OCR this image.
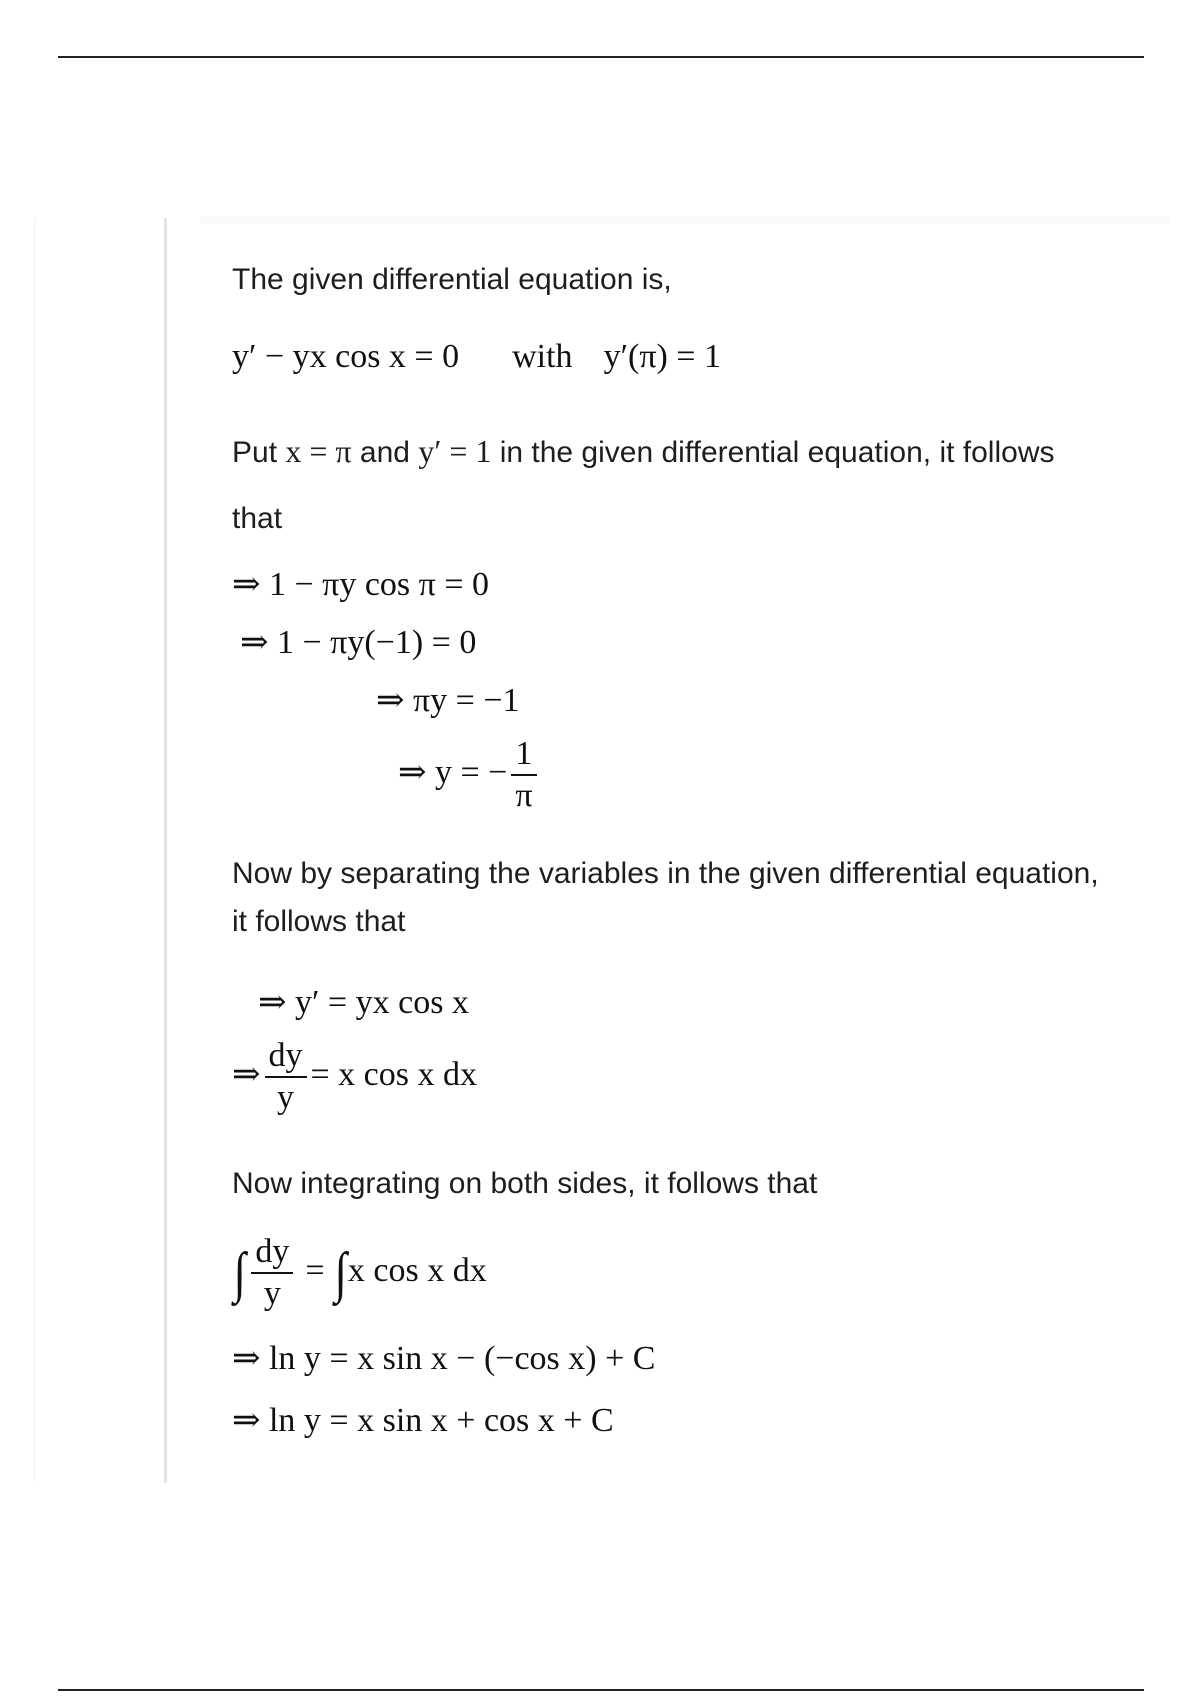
The given differential equation is,

y′ − yx cos x = 0 with y′(π) = 1

Put x = π and y′ = 1 in the given differential equation, it follows that

⇒ 1 − πy cos π = 0
⇒ 1 − πy(−1) = 0
⇒ πy = −1
⇒ y = − $\frac{1}{\pi}$

Now by separating the variables in the given differential equation, it follows that

⇒ y′ = yx cos x
⇒ $\frac{dy}{y} = x$ cos x dx

Now integrating on both sides, it follows that

∫ $\frac{dy}{y} = \int x$ cos x dx
⇒ ln y = x sin x − (−cos x) + C
⇒ ln y = x sin x + cos x + C
